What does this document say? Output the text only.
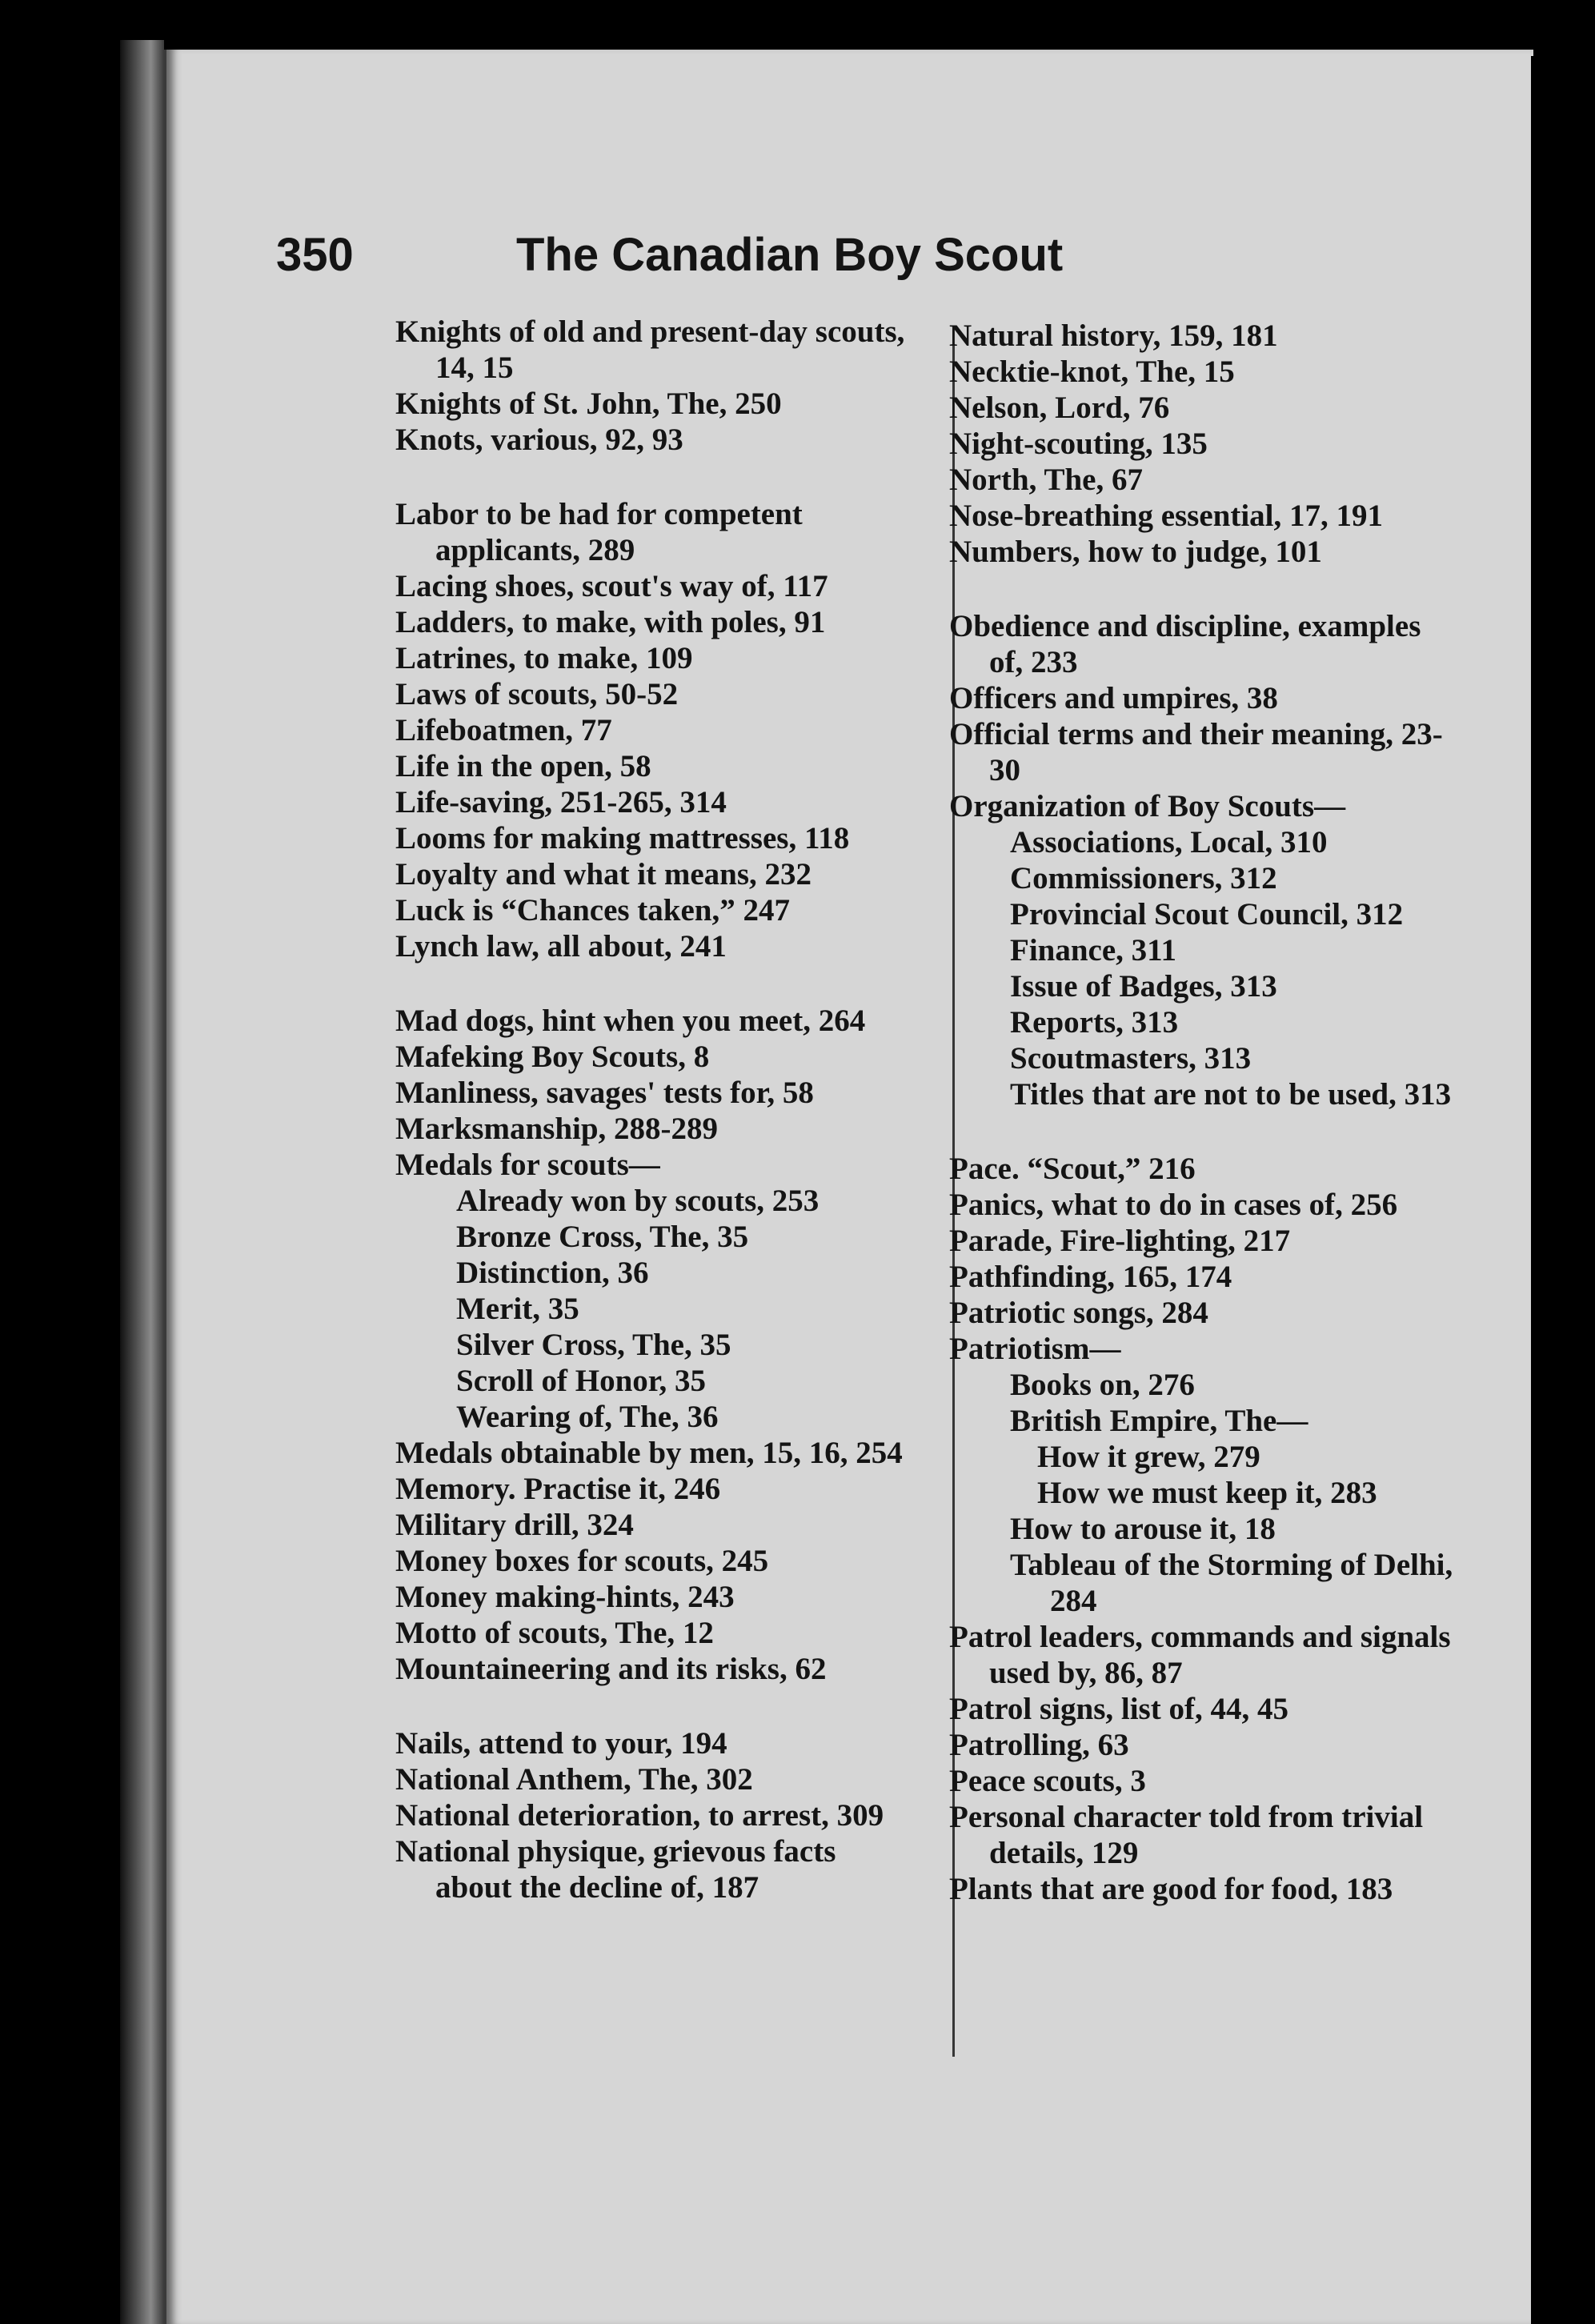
350	The Canadian Boy Scout
Knights of old and present-day scouts, 14, 15
Knights of St. John, The, 250
Knots, various, 92, 93
Labor to be had for competent applicants, 289
Lacing shoes, scout's way of, 117
Ladders, to make, with poles, 91
Latrines, to make, 109
Laws of scouts, 50-52
Lifeboatmen, 77
Life in the open, 58
Life-saving, 251-265, 314
Looms for making mattresses, 118
Loyalty and what it means, 232
Luck is “Chances taken,” 247
Lynch law, all about, 241
Mad dogs, hint when you meet, 264
Mafeking Boy Scouts, 8
Manliness, savages' tests for, 58
Marksmanship, 288-289
Medals for scouts—
Already won by scouts, 253
Bronze Cross, The, 35
Distinction, 36
Merit, 35
Silver Cross, The, 35
Scroll of Honor, 35
Wearing of, The, 36
Medals obtainable by men, 15, 16, 254
Memory. Practise it, 246
Military drill, 324
Money boxes for scouts, 245
Money making-hints, 243
Motto of scouts, The, 12
Mountaineering and its risks, 62
Nails, attend to your, 194
National Anthem, The, 302
National deterioration, to arrest, 309
National physique, grievous facts about the decline of, 187
Natural history, 159, 181
Necktie-knot, The, 15
Nelson, Lord, 76
Night-scouting, 135
North, The, 67
Nose-breathing essential, 17, 191
Numbers, how to judge, 101
Obedience and discipline, examples of, 233
Officers and umpires, 38
Official terms and their meaning, 23-30
Organization of Boy Scouts—
Associations, Local, 310
Commissioners, 312
Provincial Scout Council, 312
Finance, 311
Issue of Badges, 313
Reports, 313
Scoutmasters, 313
Titles that are not to be used, 313
Pace. “Scout,” 216
Panics, what to do in cases of, 256
Parade, Fire-lighting, 217
Pathfinding, 165, 174
Patriotic songs, 284
Patriotism—
Books on, 276
British Empire, The—
How it grew, 279
How we must keep it, 283
How to arouse it, 18
Tableau of the Storming of Delhi, 284
Patrol leaders, commands and signals used by, 86, 87
Patrol signs, list of, 44, 45
Patrolling, 63
Peace scouts, 3
Personal character told from trivial details, 129
Plants that are good for food, 183
